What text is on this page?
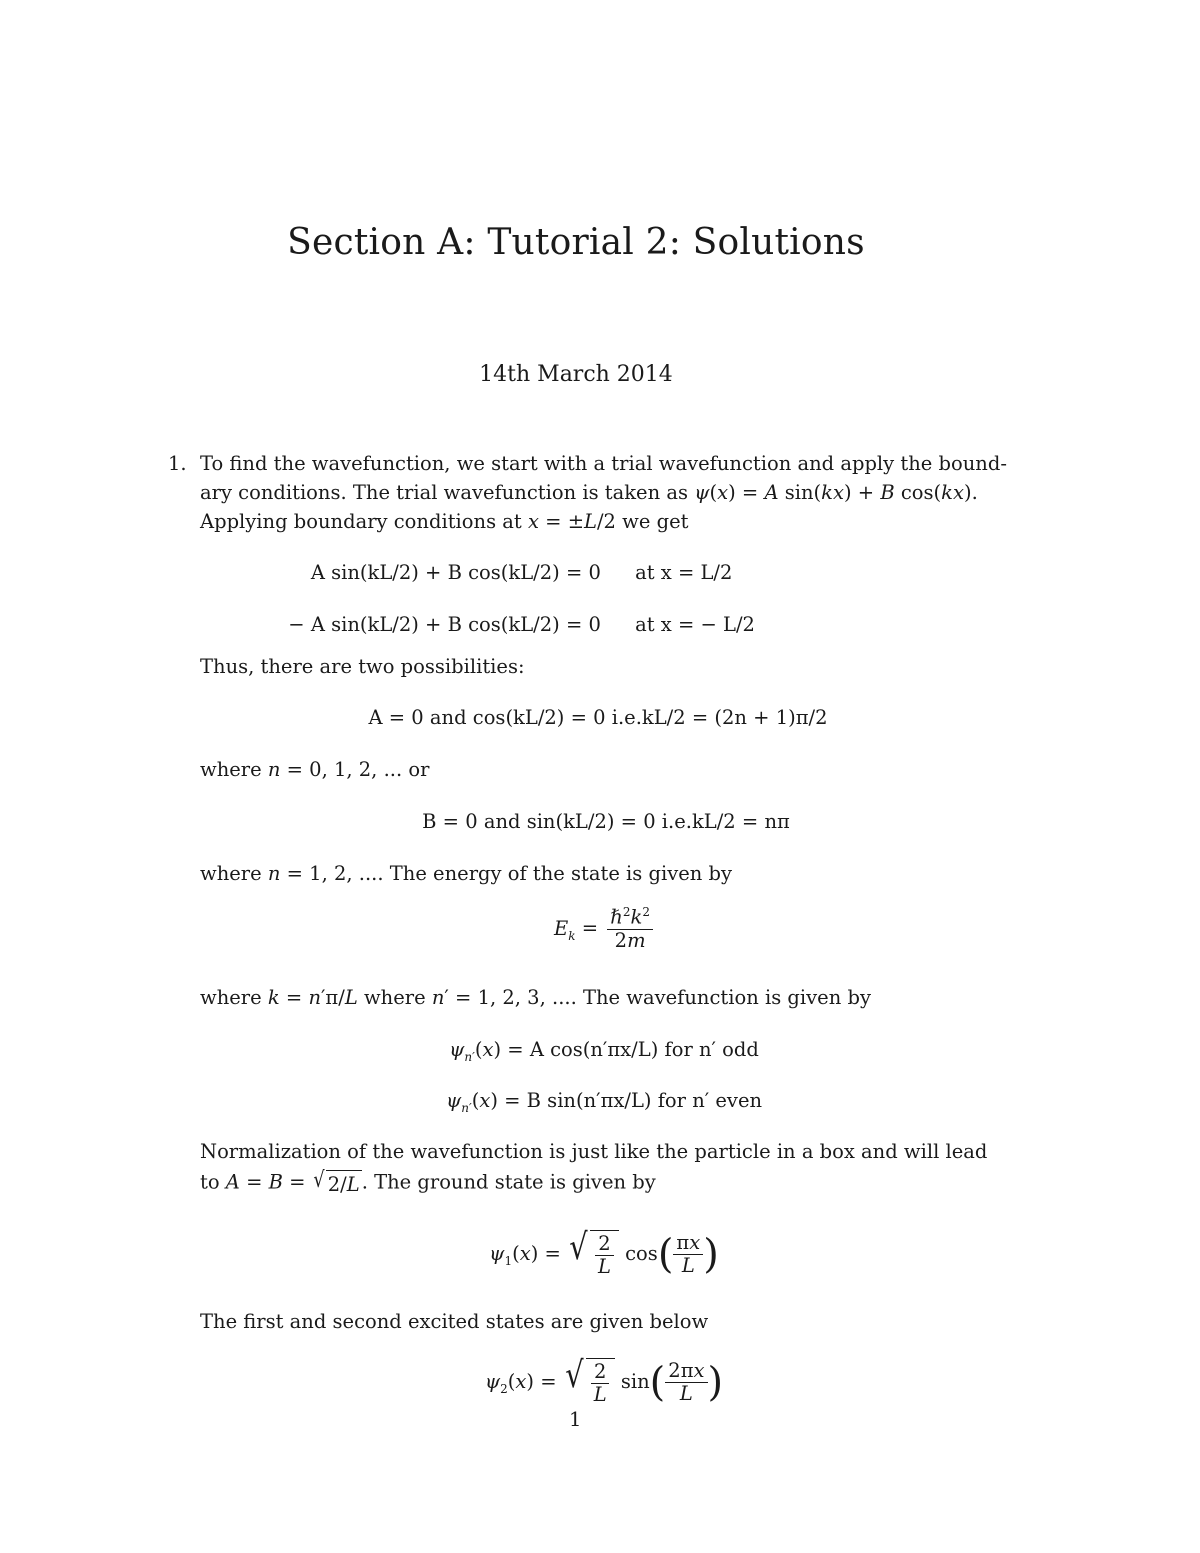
Section A: Tutorial 2: Solutions
14th March 2014
1. To find the wavefunction, we start with a trial wavefunction and apply the bound-
ary conditions. The trial wavefunction is taken as ψ(x) = A sin(kx) + B cos(kx).
Applying boundary conditions at x = ±L/2 we get
A sin(kL/2) + B cos(kL/2) = 0 at x = L/2
− A sin(kL/2) + B cos(kL/2) = 0 at x = − L/2
Thus, there are two possibilities:
A = 0 and cos(kL/2) = 0 i.e.kL/2 = (2n + 1)π/2
where n = 0, 1, 2, ... or
B = 0 and sin(kL/2) = 0 i.e.kL/2 = nπ
where n = 1, 2, .... The energy of the state is given by
$E_k = \frac{\hbar^2k^2}{2m}$
where k = n′π/L where n′ = 1, 2, 3, .... The wavefunction is given by
$\psi_{n'}(x) = A$ cos(n′πx/L) for n′ odd
$\psi_{n'}(x) = B$ sin(n′πx/L) for n′ even
Normalization of the wavefunction is just like the particle in a box and will lead
to A = B = √ 2/L . The ground state is given by
$\psi_1(x)$ = √ $\frac{2}{L} \cos( \frac{\pi x}{L}$ )
The first and second excited states are given below
$\psi_2(x)$ = √ $\frac{2}{L} \sin( \frac{2\pi x}{L}$ )
1
